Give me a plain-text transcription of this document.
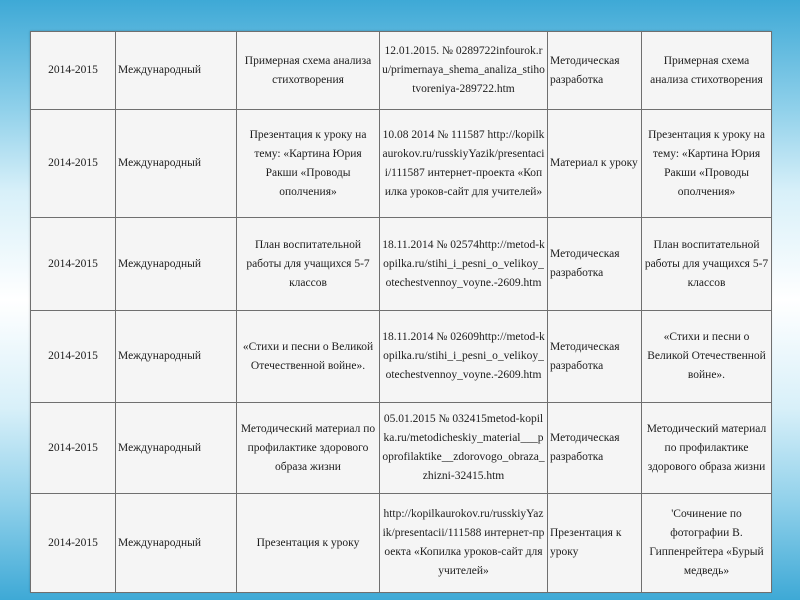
2014-2015	Международный	Примерная схема анализа стихотворения	12.01.2015. № 0289722infourok.ru/primernaya_shema_analiza_stihotvoreniya-289722.htm	Методическая разработка	Примерная схема анализа стихотворения
2014-2015	Международный	Презентация к уроку на тему: «Картина Юрия Ракши «Проводы ополчения»	10.08 2014 № 111587 http://kopilkaurokov.ru/russkiyYazik/presentacii/111587 интернет-проекта «Копилка уроков-сайт для учителей»	Материал к уроку	Презентация к уроку на тему: «Картина Юрия Ракши «Проводы ополчения»
2014-2015	Международный	План воспитательной работы для учащихся 5-7 классов	18.11.2014 № 02574http://metod-kopilka.ru/stihi_i_pesni_o_velikoy_otechestvennoy_voyne.-2609.htm	Методическая разработка	План воспитательной работы для учащихся 5-7 классов
2014-2015	Международный	«Стихи и песни о Великой Отечественной войне».	18.11.2014 № 02609http://metod-kopilka.ru/stihi_i_pesni_o_velikoy_otechestvennoy_voyne.-2609.htm	Методическая разработка	«Стихи и песни о Великой Отечественной войне».
2014-2015	Международный	Методический материал по профилактике здорового образа жизни	05.01.2015 № 032415metod-kopilka.ru/metodicheskiy_material___poprofilaktike__zdorovogo_obraza_zhizni-32415.htm	Методическая разработка	Методический материал по профилактике здорового образа жизни
2014-2015	Международный	Презентация к уроку	http://kopilkaurokov.ru/russkiyYazik/presentacii/111588 интернет-проекта «Копилка уроков-сайт для учителей»	Презентация к уроку	'Сочинение по фотографии В. Гиппенрейтера «Бурый медведь»
